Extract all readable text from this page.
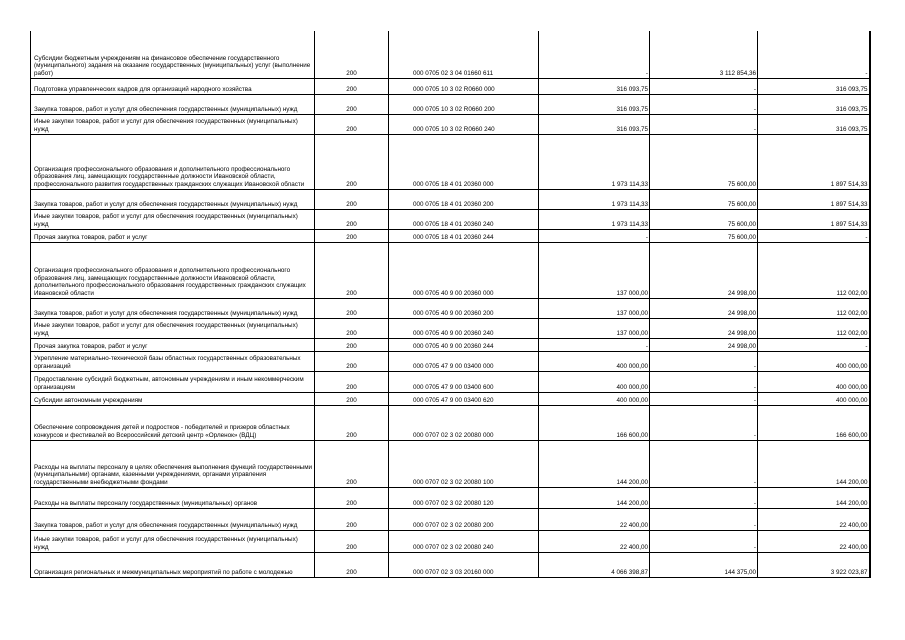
Субсидии бюджетным учреждениям на финансовое обеспечение государственного (муниципального) задания на оказание государственных (муниципальных) услуг (выполнение работ)	200	000 0705 02 3 04 01660 611	-	3 112 854,36	-
Подготовка управленческих кадров для организаций народного хозяйства	200	000 0705 10 3 02 R0660 000	316 093,75	-	316 093,75
Закупка товаров, работ и услуг для обеспечения государственных (муниципальных) нужд	200	000 0705 10 3 02 R0660 200	316 093,75	-	316 093,75
Иные закупки товаров, работ и услуг для обеспечения государственных (муниципальных) нужд	200	000 0705 10 3 02 R0660 240	316 093,75	-	316 093,75
Организация профессионального образования и дополнительного профессионального образования лиц, замещающих государственные должности Ивановской области, профессионального развития государственных гражданских служащих Ивановской области	200	000 0705 18 4 01 20360 000	1 973 114,33	75 600,00	1 897 514,33
Закупка товаров, работ и услуг для обеспечения государственных (муниципальных) нужд	200	000 0705 18 4 01 20360 200	1 973 114,33	75 600,00	1 897 514,33
Иные закупки товаров, работ и услуг для обеспечения государственных (муниципальных) нужд	200	000 0705 18 4 01 20360 240	1 973 114,33	75 600,00	1 897 514,33
Прочая закупка товаров, работ и услуг	200	000 0705 18 4 01 20360 244	-	75 600,00	-
Организация профессионального образования и дополнительного профессионального образования лиц, замещающих государственные должности Ивановской области, дополнительного профессионального образования государственных гражданских служащих Ивановской области	200	000 0705 40 9 00 20360 000	137 000,00	24 998,00	112 002,00
Закупка товаров, работ и услуг для обеспечения государственных (муниципальных) нужд	200	000 0705 40 9 00 20360 200	137 000,00	24 998,00	112 002,00
Иные закупки товаров, работ и услуг для обеспечения государственных (муниципальных) нужд	200	000 0705 40 9 00 20360 240	137 000,00	24 998,00	112 002,00
Прочая закупка товаров, работ и услуг	200	000 0705 40 9 00 20360 244	-	24 998,00	-
Укрепление материально-технической базы областных государственных образовательных организаций	200	000 0705 47 9 00 03400 000	400 000,00	-	400 000,00
Предоставление субсидий бюджетным, автономным учреждениям и иным некоммерческим организациям	200	000 0705 47 9 00 03400 600	400 000,00	-	400 000,00
Субсидии автономным учреждениям	200	000 0705 47 9 00 03400 620	400 000,00	-	400 000,00
Обеспечение сопровождения детей и подростков - победителей и призеров областных конкурсов и фестивалей во Всероссийский детский центр «Орленок» (ВДЦ)	200	000 0707 02 3 02 20080 000	166 600,00	-	166 600,00
Расходы на выплаты персоналу в целях обеспечения выполнения функций государственными (муниципальными) органами, казенными учреждениями, органами управления государственными внебюджетными фондами	200	000 0707 02 3 02 20080 100	144 200,00	-	144 200,00
Расходы на выплаты персоналу государственных (муниципальных) органов	200	000 0707 02 3 02 20080 120	144 200,00	-	144 200,00
Закупка товаров, работ и услуг для обеспечения государственных (муниципальных) нужд	200	000 0707 02 3 02 20080 200	22 400,00	-	22 400,00
Иные закупки товаров, работ и услуг для обеспечения государственных (муниципальных) нужд	200	000 0707 02 3 02 20080 240	22 400,00	-	22 400,00
Организация региональных и межмуниципальных мероприятий по работе с молодежью	200	000 0707 02 3 03 20160 000	4 066 398,87	144 375,00	3 922 023,87
